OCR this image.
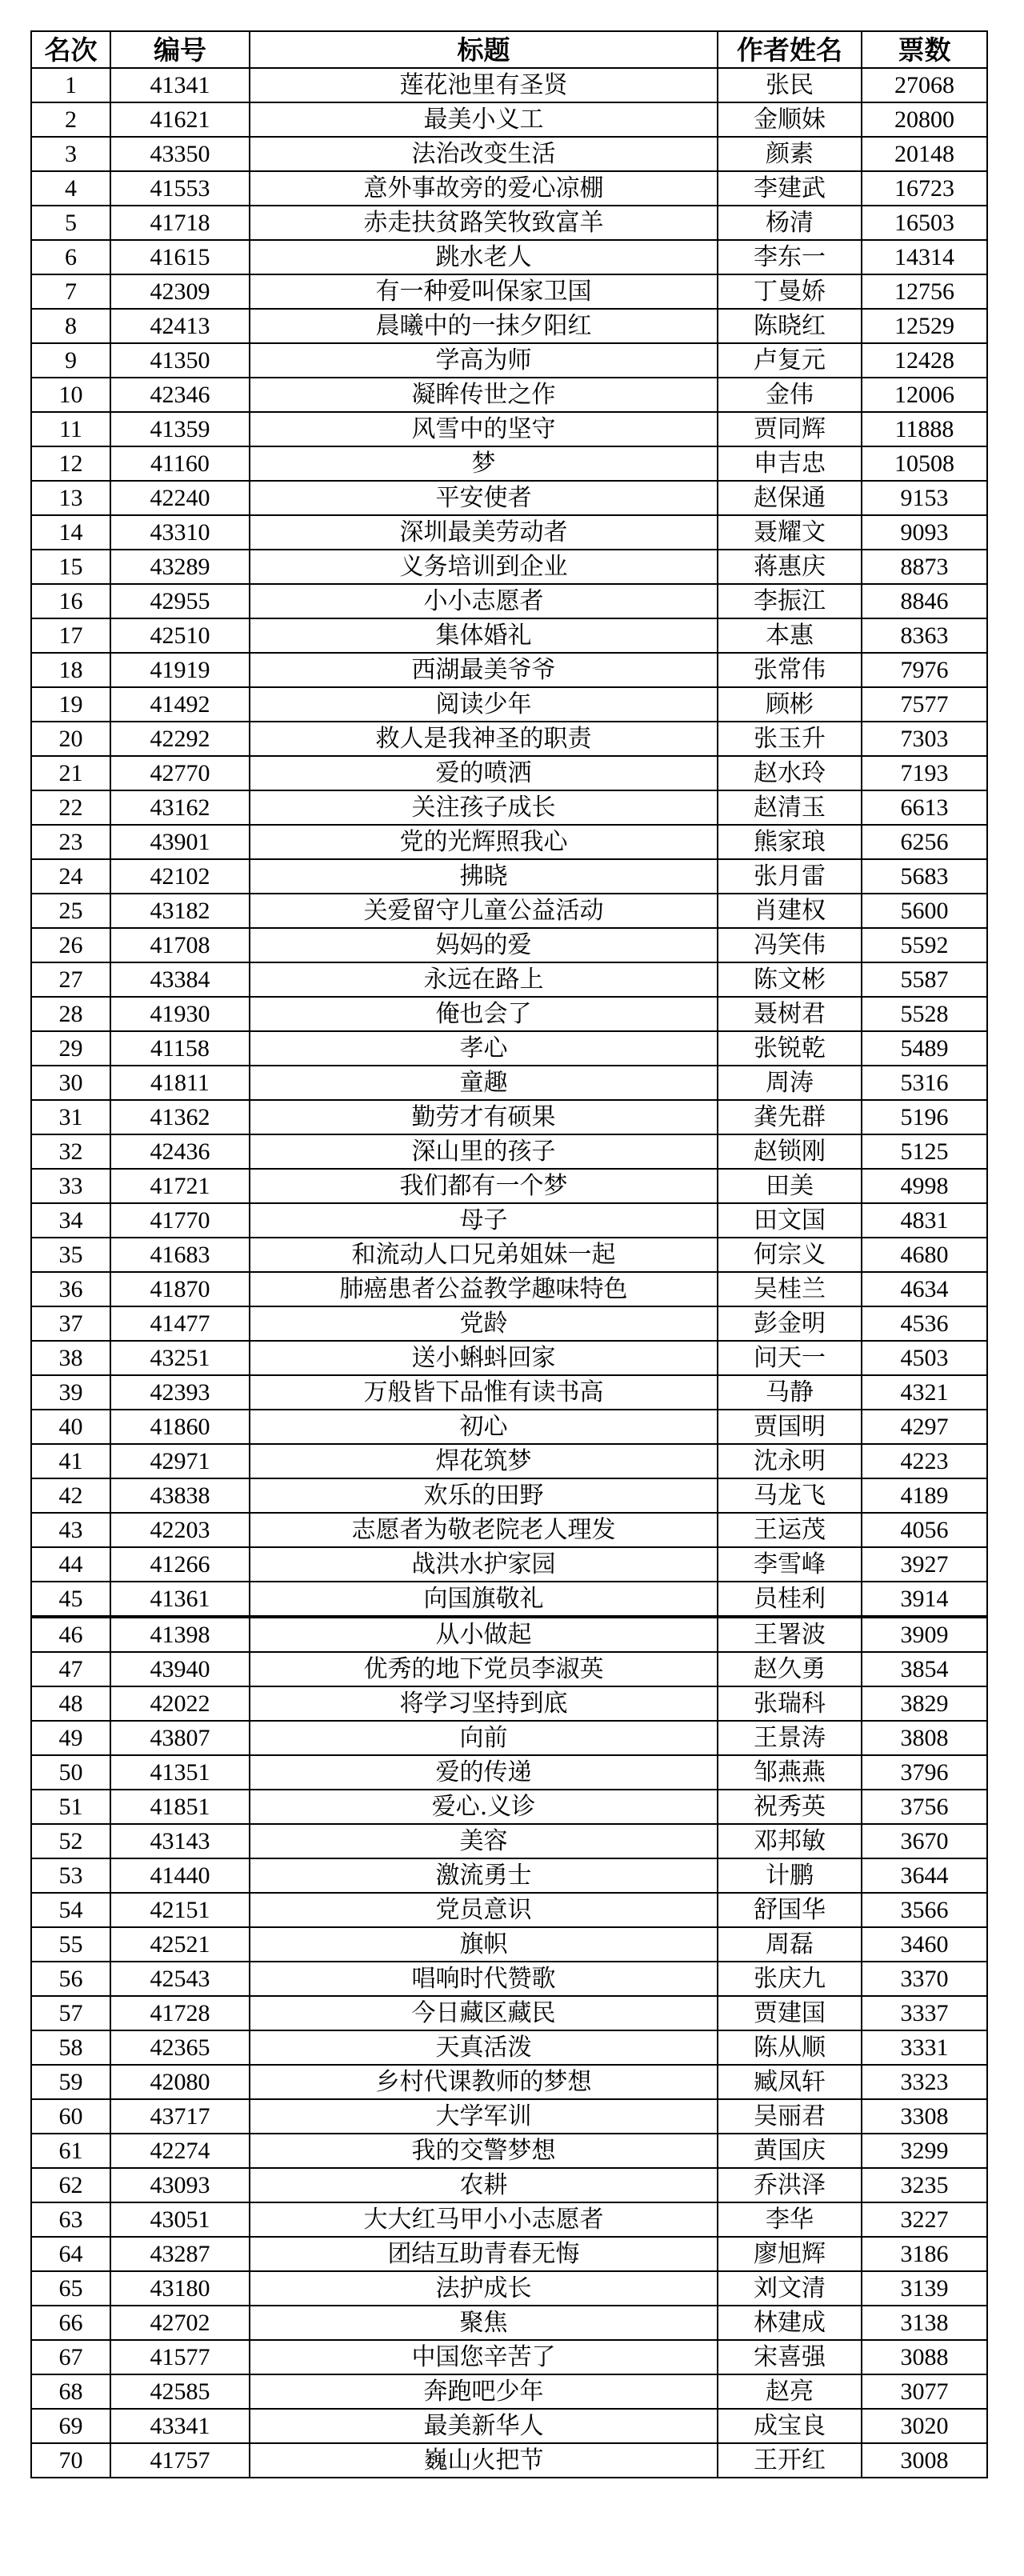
名次	编号	标题	作者姓名	票数
1	41341	莲花池里有圣贤	张民	27068
2	41621	最美小义工	金顺妹	20800
3	43350	法治改变生活	颜素	20148
4	41553	意外事故旁的爱心凉棚	李建武	16723
5	41718	赤走扶贫路笑牧致富羊	杨清	16503
6	41615	跳水老人	李东一	14314
7	42309	有一种爱叫保家卫国	丁曼娇	12756
8	42413	晨曦中的一抹夕阳红	陈晓红	12529
9	41350	学高为师	卢复元	12428
10	42346	凝眸传世之作	金伟	12006
11	41359	风雪中的坚守	贾同辉	11888
12	41160	梦	申吉忠	10508
13	42240	平安使者	赵保通	9153
14	43310	深圳最美劳动者	聂耀文	9093
15	43289	义务培训到企业	蒋惠庆	8873
16	42955	小小志愿者	李振江	8846
17	42510	集体婚礼	本惠	8363
18	41919	西湖最美爷爷	张常伟	7976
19	41492	阅读少年	顾彬	7577
20	42292	救人是我神圣的职责	张玉升	7303
21	42770	爱的喷洒	赵水玲	7193
22	43162	关注孩子成长	赵清玉	6613
23	43901	党的光辉照我心	熊家琅	6256
24	42102	拂晓	张月雷	5683
25	43182	关爱留守儿童公益活动	肖建权	5600
26	41708	妈妈的爱	冯笑伟	5592
27	43384	永远在路上	陈文彬	5587
28	41930	俺也会了	聂树君	5528
29	41158	孝心	张锐乾	5489
30	41811	童趣	周涛	5316
31	41362	勤劳才有硕果	龚先群	5196
32	42436	深山里的孩子	赵锁刚	5125
33	41721	我们都有一个梦	田美	4998
34	41770	母子	田文国	4831
35	41683	和流动人口兄弟姐妹一起	何宗义	4680
36	41870	肺癌患者公益教学趣味特色	吴桂兰	4634
37	41477	党龄	彭金明	4536
38	43251	送小蝌蚪回家	问天一	4503
39	42393	万般皆下品惟有读书高	马静	4321
40	41860	初心	贾国明	4297
41	42971	焊花筑梦	沈永明	4223
42	43838	欢乐的田野	马龙飞	4189
43	42203	志愿者为敬老院老人理发	王运茂	4056
44	41266	战洪水护家园	李雪峰	3927
45	41361	向国旗敬礼	员桂利	3914
46	41398	从小做起	王署波	3909
47	43940	优秀的地下党员李淑英	赵久勇	3854
48	42022	将学习坚持到底	张瑞科	3829
49	43807	向前	王景涛	3808
50	41351	爱的传递	邹燕燕	3796
51	41851	爱心.义诊	祝秀英	3756
52	43143	美容	邓邦敏	3670
53	41440	激流勇士	计鹏	3644
54	42151	党员意识	舒国华	3566
55	42521	旗帜	周磊	3460
56	42543	唱响时代赞歌	张庆九	3370
57	41728	今日藏区藏民	贾建国	3337
58	42365	天真活泼	陈从顺	3331
59	42080	乡村代课教师的梦想	臧凤轩	3323
60	43717	大学军训	吴丽君	3308
61	42274	我的交警梦想	黄国庆	3299
62	43093	农耕	乔洪泽	3235
63	43051	大大红马甲小小志愿者	李华	3227
64	43287	团结互助青春无悔	廖旭辉	3186
65	43180	法护成长	刘文清	3139
66	42702	聚焦	林建成	3138
67	41577	中国您辛苦了	宋喜强	3088
68	42585	奔跑吧少年	赵亮	3077
69	43341	最美新华人	成宝良	3020
70	41757	巍山火把节	王开红	3008
